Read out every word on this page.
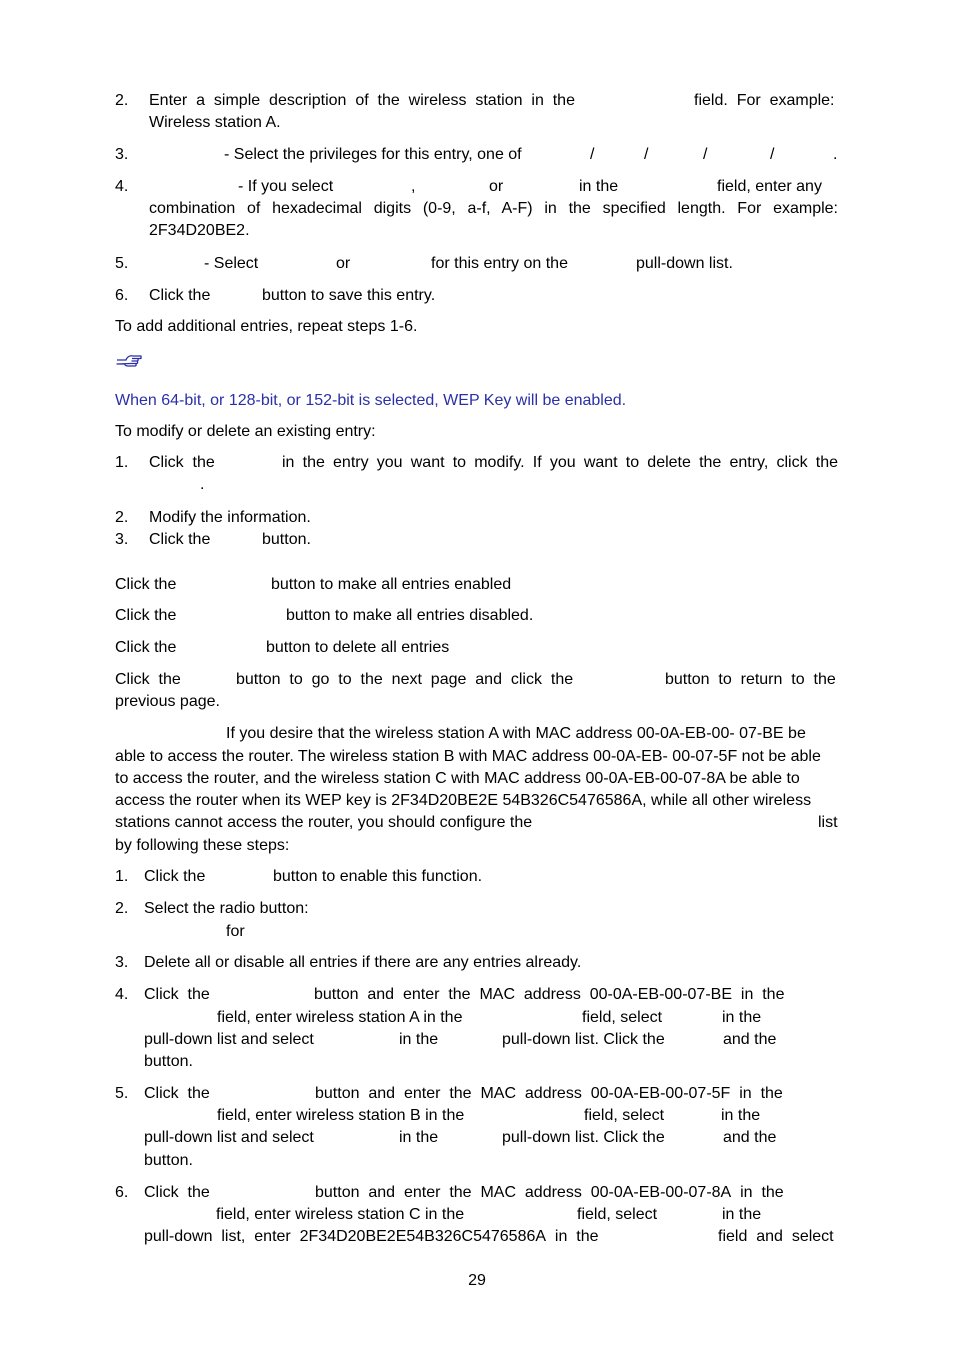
2. Enter  a  simple  description  of  the  wireless  station  in  the	field.  For  example:
Wireless station A.
3.	- Select the privileges for this entry, one of	/	/	/	/	.
4.	- If you select	,	or	in the	field, enter any
combination of hexadecimal digits (0-9, a-f, A-F) in the specified length. For example:
2F34D20BE2.
5.	- Select	or	for this entry on the	pull-down list.
6. Click the	button to save this entry.
To add additional entries, repeat steps 1-6.
When 64-bit, or 128-bit, or 152-bit is selected, WEP Key will be enabled.
To modify or delete an existing entry:
1. Click  the	in the entry you want to modify. If you want to delete the entry, click the
.
2. Modify the information.
3. Click the	button.
Click the	button to make all entries enabled
Click the	button to make all entries disabled.
Click the	button to delete all entries
Click  the	button  to  go  to  the  next  page  and  click  the	button  to  return  to  the
previous page.
If you desire that the wireless station A with MAC address 00-0A-EB-00- 07-BE be
able to access the router. The wireless station B with MAC address 00-0A-EB- 00-07-5F not be able
to access the router, and the wireless station C with MAC address 00-0A-EB-00-07-8A be able to
access the router when its WEP key is 2F34D20BE2E 54B326C5476586A, while all other wireless
stations cannot access the router, you should configure the	list
by following these steps:
1. Click the	button to enable this function.
2. Select the radio button:
for
3. Delete all or disable all entries if there are any entries already.
4. Click  the	button  and  enter  the  MAC  address  00-0A-EB-00-07-BE  in  the
field, enter wireless station A in the	field, select	in the
pull-down list and select	in the	pull-down list. Click the	and the
button.
5. Click  the	button  and  enter  the  MAC  address  00-0A-EB-00-07-5F  in  the
field, enter wireless station B in the	field, select	in the
pull-down list and select	in the	pull-down list. Click the	and the
button.
6. Click  the	button  and  enter  the  MAC  address  00-0A-EB-00-07-8A  in  the
field, enter wireless station C in the	field, select	in the
pull-down  list,  enter  2F34D20BE2E54B326C5476586A  in  the	field  and  select
29
